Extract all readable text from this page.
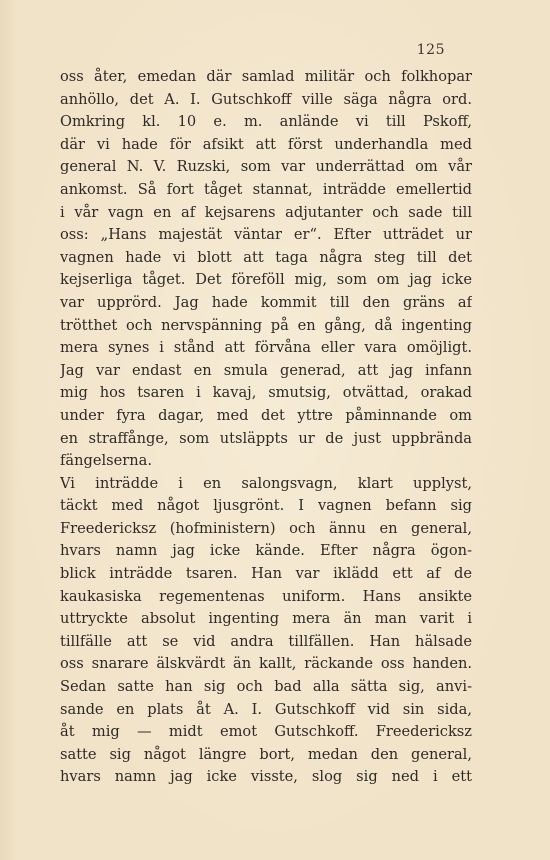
125
oss åter, emedan där samlad militär och folkhopar
anhöllo, det A. I. Gutschkoff ville säga några ord.
Omkring kl. 10 e. m. anlände vi till Pskoff,
där vi hade för afsikt att först underhandla med
general N. V. Ruzski, som var underrättad om vår
ankomst. Så fort tåget stannat, inträdde emellertid
i vår vagn en af kejsarens adjutanter och sade till
oss: „Hans majestät väntar er“. Efter utträdet ur
vagnen hade vi blott att taga några steg till det
kejserliga tåget. Det föreföll mig, som om jag icke
var upprörd. Jag hade kommit till den gräns af
trötthet och nervspänning på en gång, då ingenting
mera synes i stånd att förvåna eller vara omöjligt.
Jag var endast en smula generad, att jag infann
mig hos tsaren i kavaj, smutsig, otvättad, orakad
under fyra dagar, med det yttre påminnande om
en straffånge, som utsläppts ur de just uppbrända
fängelserna.
Vi inträdde i en salongsvagn, klart upplyst,
täckt med något ljusgrönt. I vagnen befann sig
Freedericksz (hofministern) och ännu en general,
hvars namn jag icke kände. Efter några ögon-
blick inträdde tsaren. Han var iklädd ett af de
kaukasiska regementenas uniform. Hans ansikte
uttryckte absolut ingenting mera än man varit i
tillfälle att se vid andra tillfällen. Han hälsade
oss snarare älskvärdt än kallt, räckande oss handen.
Sedan satte han sig och bad alla sätta sig, anvi-
sande en plats åt A. I. Gutschkoff vid sin sida,
åt mig — midt emot Gutschkoff. Freedericksz
satte sig något längre bort, medan den general,
hvars namn jag icke visste, slog sig ned i ett
